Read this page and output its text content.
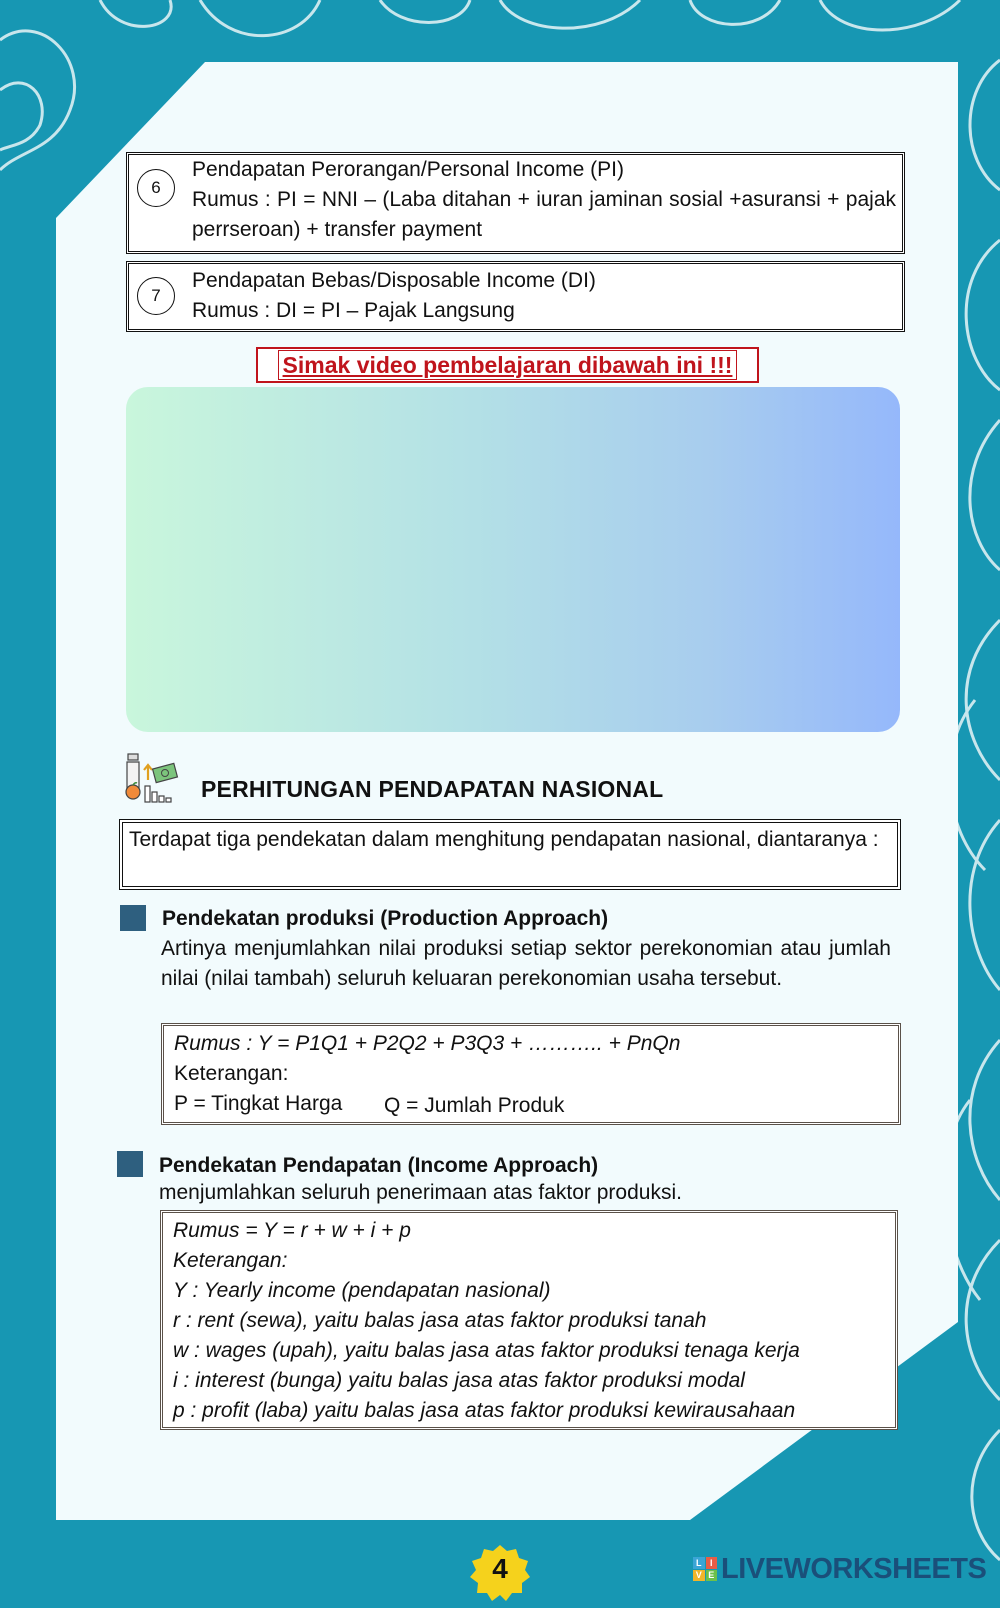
6

Pendapatan Perorangan/Personal Income (PI)

Rumus : PI = NNI – (Laba ditahan + iuran jaminan sosial +asuransi + pajak perrseroan) + transfer payment

7

Pendapatan Bebas/Disposable Income (DI)

Rumus : DI = PI – Pajak Langsung

Simak video pembelajaran dibawah ini !!!
PERHITUNGAN PENDAPATAN NASIONAL

Terdapat tiga pendekatan dalam menghitung pendapatan nasional, diantaranya :

Pendekatan produksi (Production Approach)

Artinya menjumlahkan nilai produksi setiap sektor perekonomian atau jumlah nilai (nilai tambah) seluruh keluaran perekonomian usaha tersebut.

Rumus : Y = P1Q1 + P2Q2 + P3Q3 + ……….. + PnQn

Keterangan:

P = Tingkat Harga Q = Jumlah Produk

Pendekatan Pendapatan (Income Approach)

menjumlahkan seluruh penerimaan atas faktor produksi.

Rumus = Y = r + w + i + p

Keterangan:

Y : Yearly income (pendapatan nasional)

r : rent (sewa), yaitu balas jasa atas faktor produksi tanah

w : wages (upah), yaitu balas jasa atas faktor produksi tenaga kerja

i : interest (bunga) yaitu balas jasa atas faktor produksi modal

p : profit (laba) yaitu balas jasa atas faktor produksi kewirausahaan

4	L I
V E LIVEWORKSHEETS
